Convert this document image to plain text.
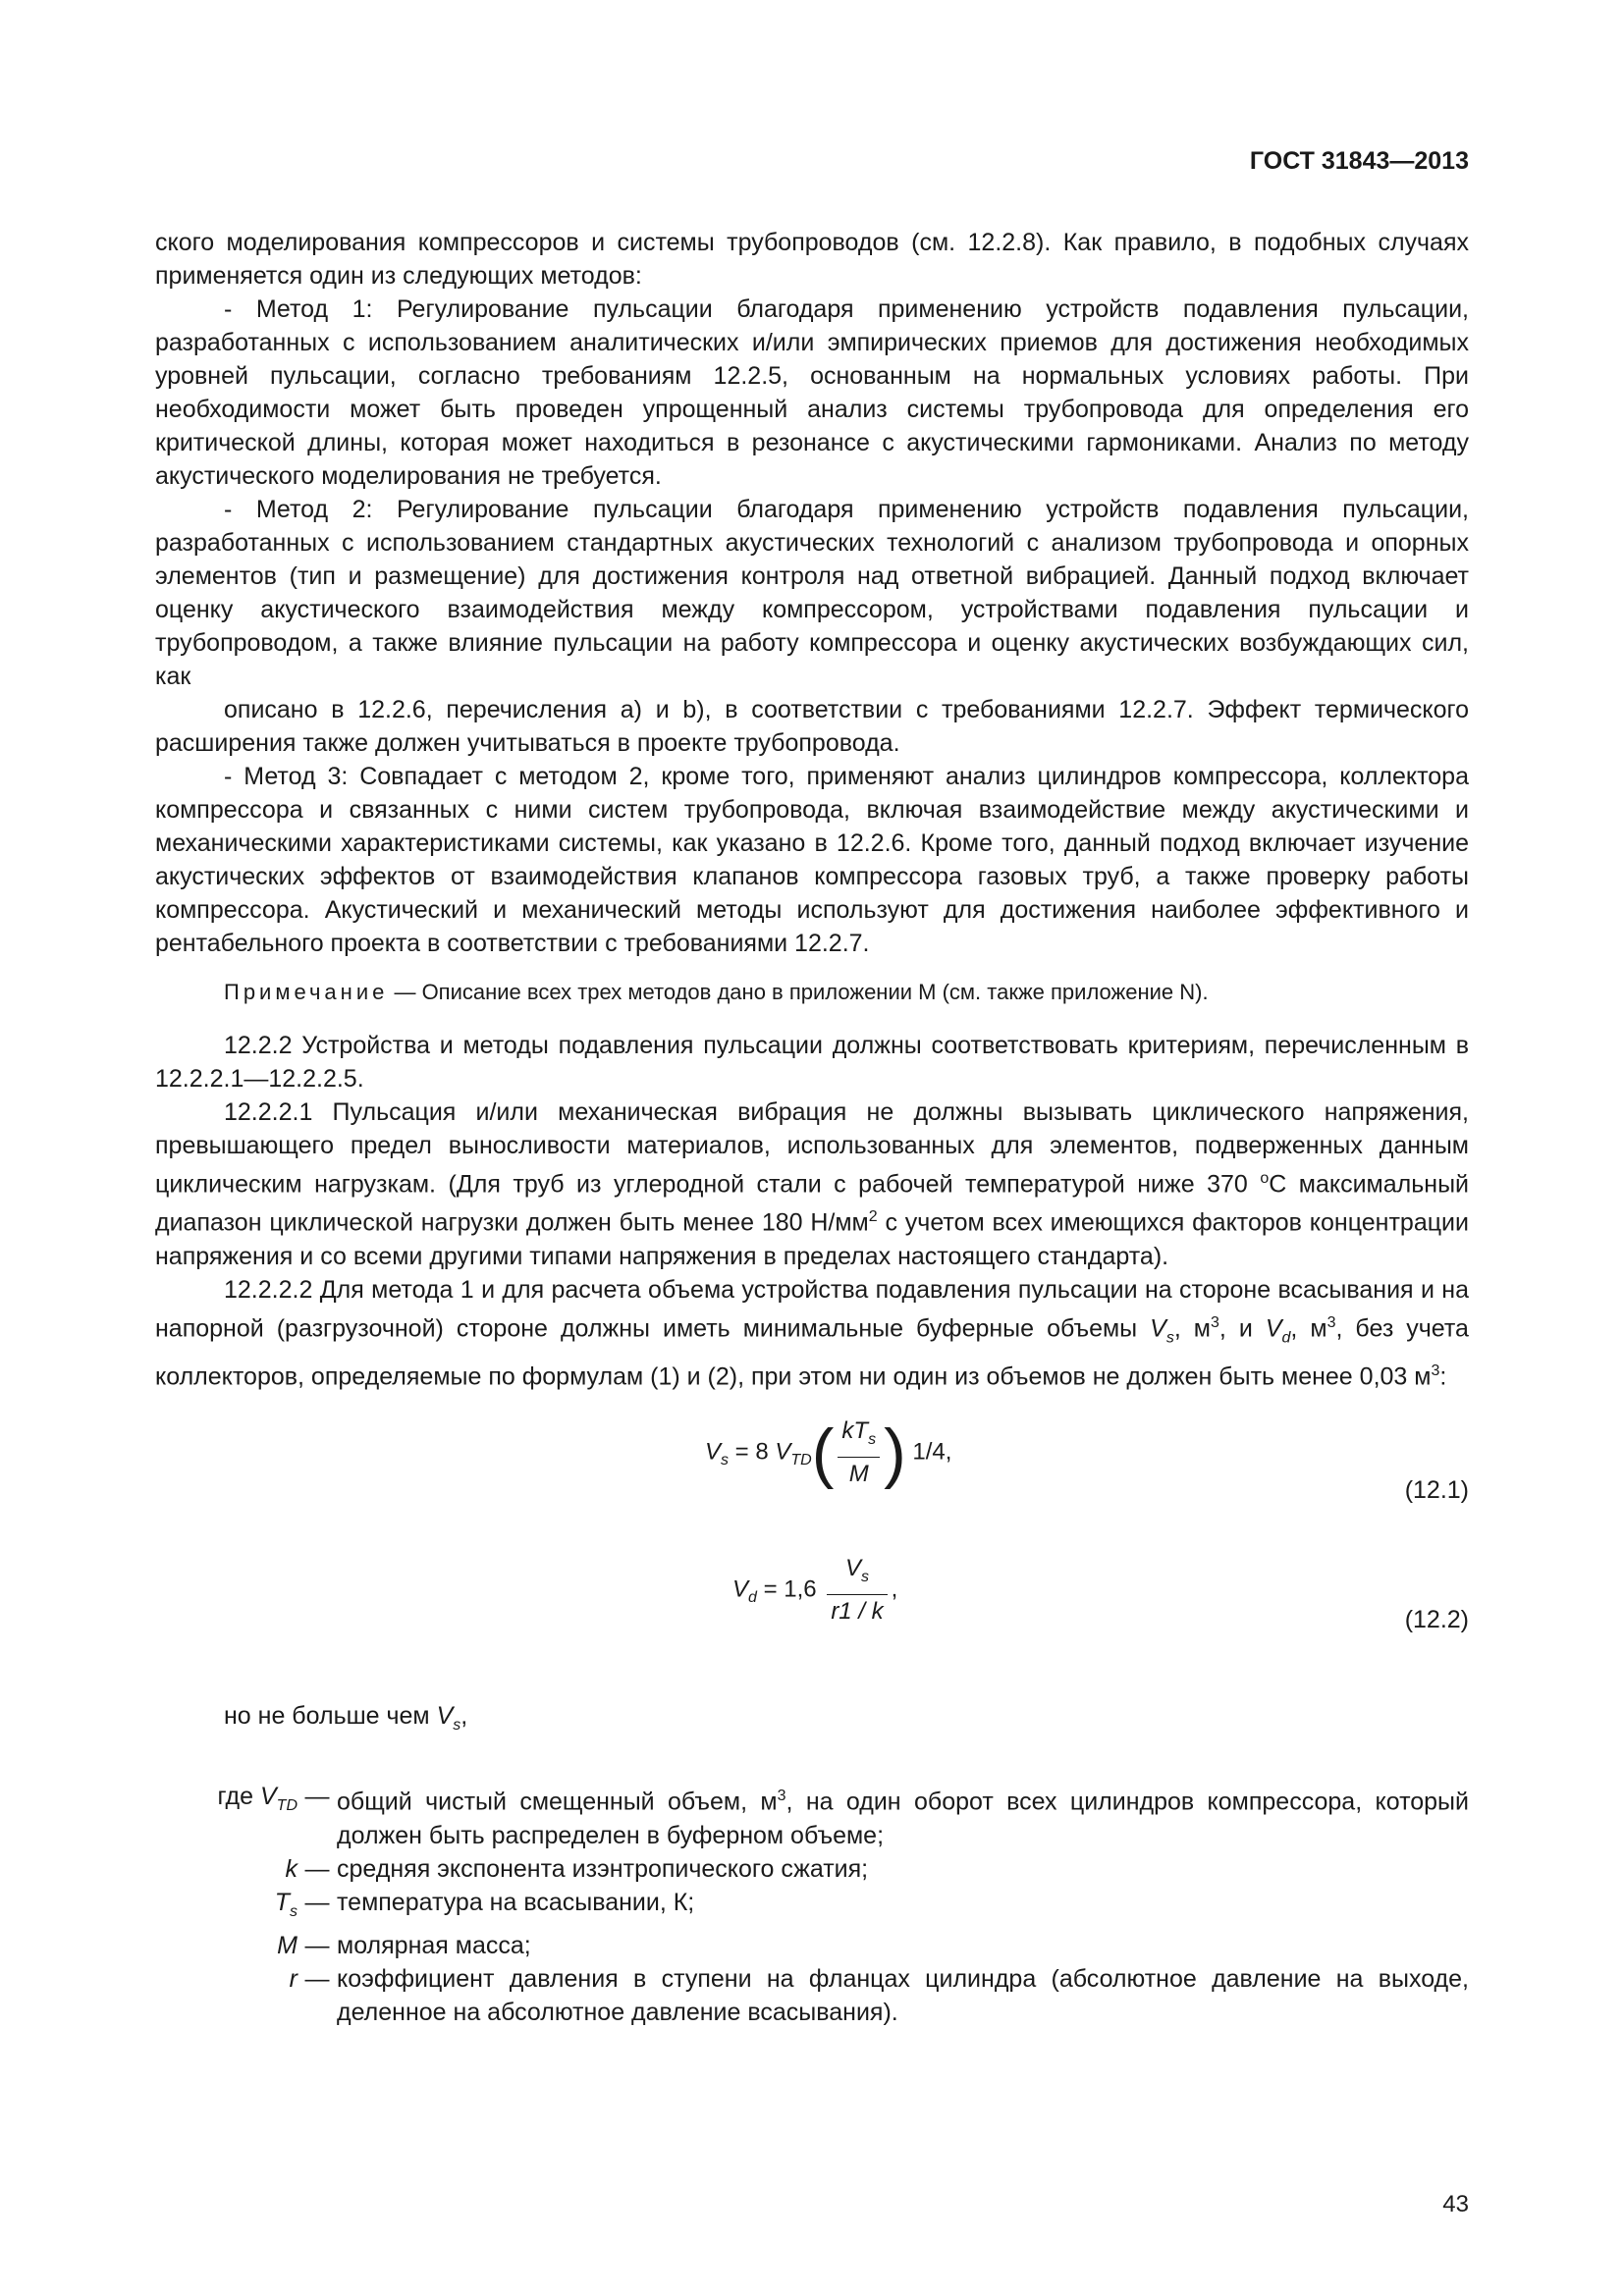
ГОСТ 31843—2013

ского моделирования компрессоров и системы трубопроводов (см. 12.2.8). Как правило, в подобных случаях применяется один из следующих методов:

- Метод 1: Регулирование пульсации благодаря применению устройств подавления пульсации, разработанных с использованием аналитических и/или эмпирических приемов для достижения необходимых уровней пульсации, согласно требованиям 12.2.5, основанным на нормальных условиях работы. При необходимости может быть проведен упрощенный анализ системы трубопровода для определения его критической длины, которая может находиться в резонансе с акустическими гармониками. Анализ по методу акустического моделирования не требуется.

- Метод 2: Регулирование пульсации благодаря применению устройств подавления пульсации, разработанных с использованием стандартных акустических технологий с анализом трубопровода и опорных элементов (тип и размещение) для достижения контроля над ответной вибрацией. Данный подход включает оценку акустического взаимодействия между компрессором, устройствами подавления пульсации и трубопроводом, а также влияние пульсации на работу компрессора и оценку акустических возбуждающих сил, как

описано в 12.2.6, перечисления а) и b), в соответствии с требованиями 12.2.7. Эффект термического расширения также должен учитываться в проекте трубопровода.

- Метод 3: Совпадает с методом 2, кроме того, применяют анализ цилиндров компрессора, коллектора компрессора и связанных с ними систем трубопровода, включая взаимодействие между акустическими и механическими характеристиками системы, как указано в 12.2.6. Кроме того, данный подход включает изучение акустических эффектов от взаимодействия клапанов компрессора газовых труб, а также проверку работы компрессора. Акустический и механический методы используют для достижения наиболее эффективного и рентабельного проекта в соответствии с требованиями 12.2.7.

Примечание — Описание всех трех методов дано в приложении М (см. также приложение N).

12.2.2 Устройства и методы подавления пульсации должны соответствовать критериям, перечисленным в 12.2.2.1—12.2.2.5.

12.2.2.1 Пульсация и/или механическая вибрация не должны вызывать циклического напряжения, превышающего предел выносливости материалов, использованных для элементов, подверженных данным циклическим нагрузкам. (Для труб из углеродной стали с рабочей температурой ниже 370 $^о$С максимальный диапазон циклической нагрузки должен быть менее 180 $Н/мм^2$ с учетом всех имеющихся факторов концентрации напряжения и со всеми другими типами напряжения в пределах настоящего стандарта).

12.2.2.2 Для метода 1 и для расчета объема устройства подавления пульсации на стороне всасывания и на напорной (разгрузочной) стороне должны иметь минимальные буферные объемы $V_s$, $м^3$, и $V_d$, $м^3$, без учета коллекторов, определяемые по формулам (1) и (2), при этом ни один из объемов не должен быть менее 0,03 $м^3$:

$V_s = 8$ $V_{TD}( \frac{kT_s}{M}$ ) 1/4,
(12.1)
$V_d = 1,6 \frac{V_s}{r1 / k}$ ,
(12.2)

но не больше чем $V_s$,

где $V_{TD}$ — общий чистый смещенный объем, $м^3$, на один оборот всех цилиндров компрессора, который должен быть распределен в буферном объеме;
k — средняя экспонента изэнтропического сжатия;
$T_s$ — температура на всасывании, К;
M — молярная масса;
r — коэффициент давления в ступени на фланцах цилиндра (абсолютное давление на выходе, деленное на абсолютное давление всасывания).
43
